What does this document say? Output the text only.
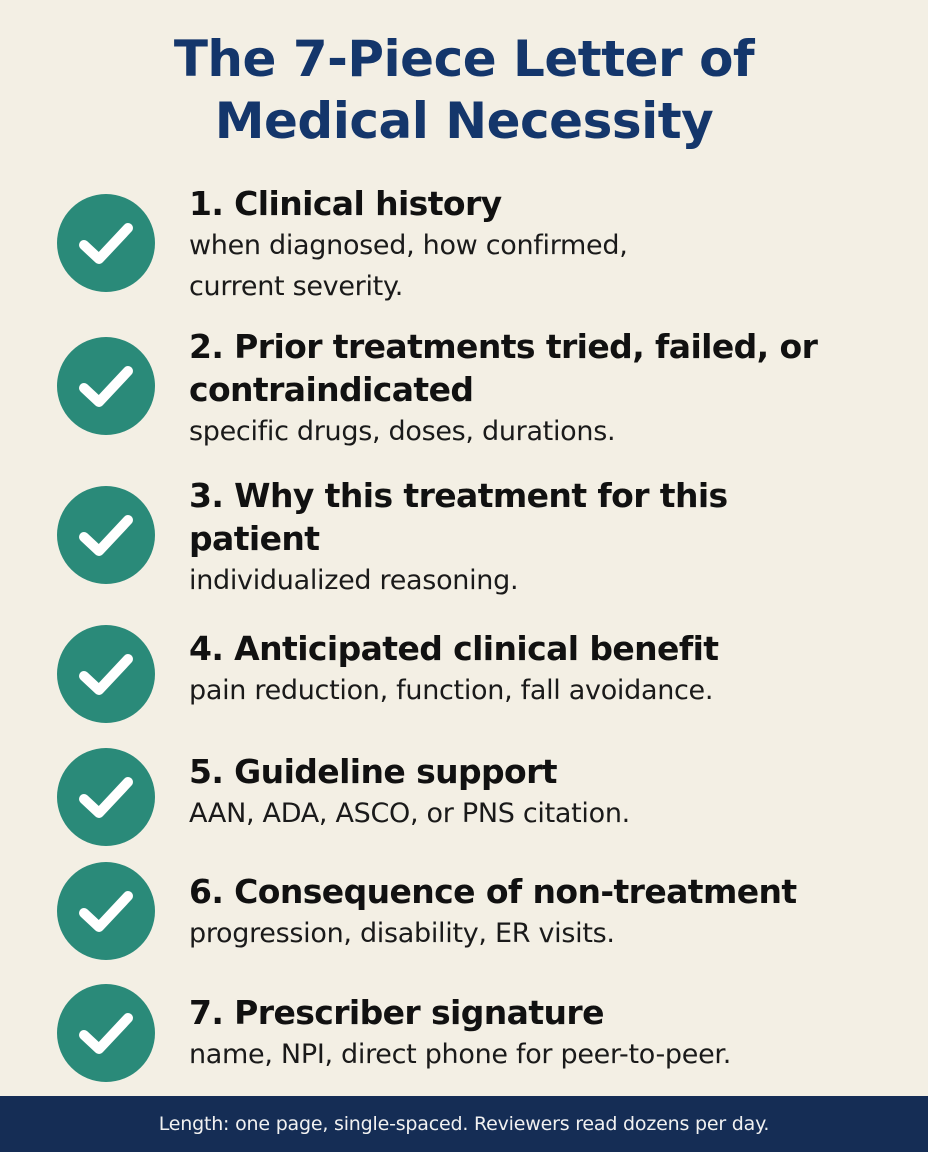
The 7-Piece Letter of
Medical Necessity
1. Clinical history
when diagnosed, how confirmed,
current severity.
2. Prior treatments tried, failed, or
contraindicated
specific drugs, doses, durations.
3. Why this treatment for this
patient
individualized reasoning.
4. Anticipated clinical benefit
pain reduction, function, fall avoidance.
5. Guideline support
AAN, ADA, ASCO, or PNS citation.
6. Consequence of non-treatment
progression, disability, ER visits.
7. Prescriber signature
name, NPI, direct phone for peer-to-peer.
Length: one page, single-spaced. Reviewers read dozens per day.
